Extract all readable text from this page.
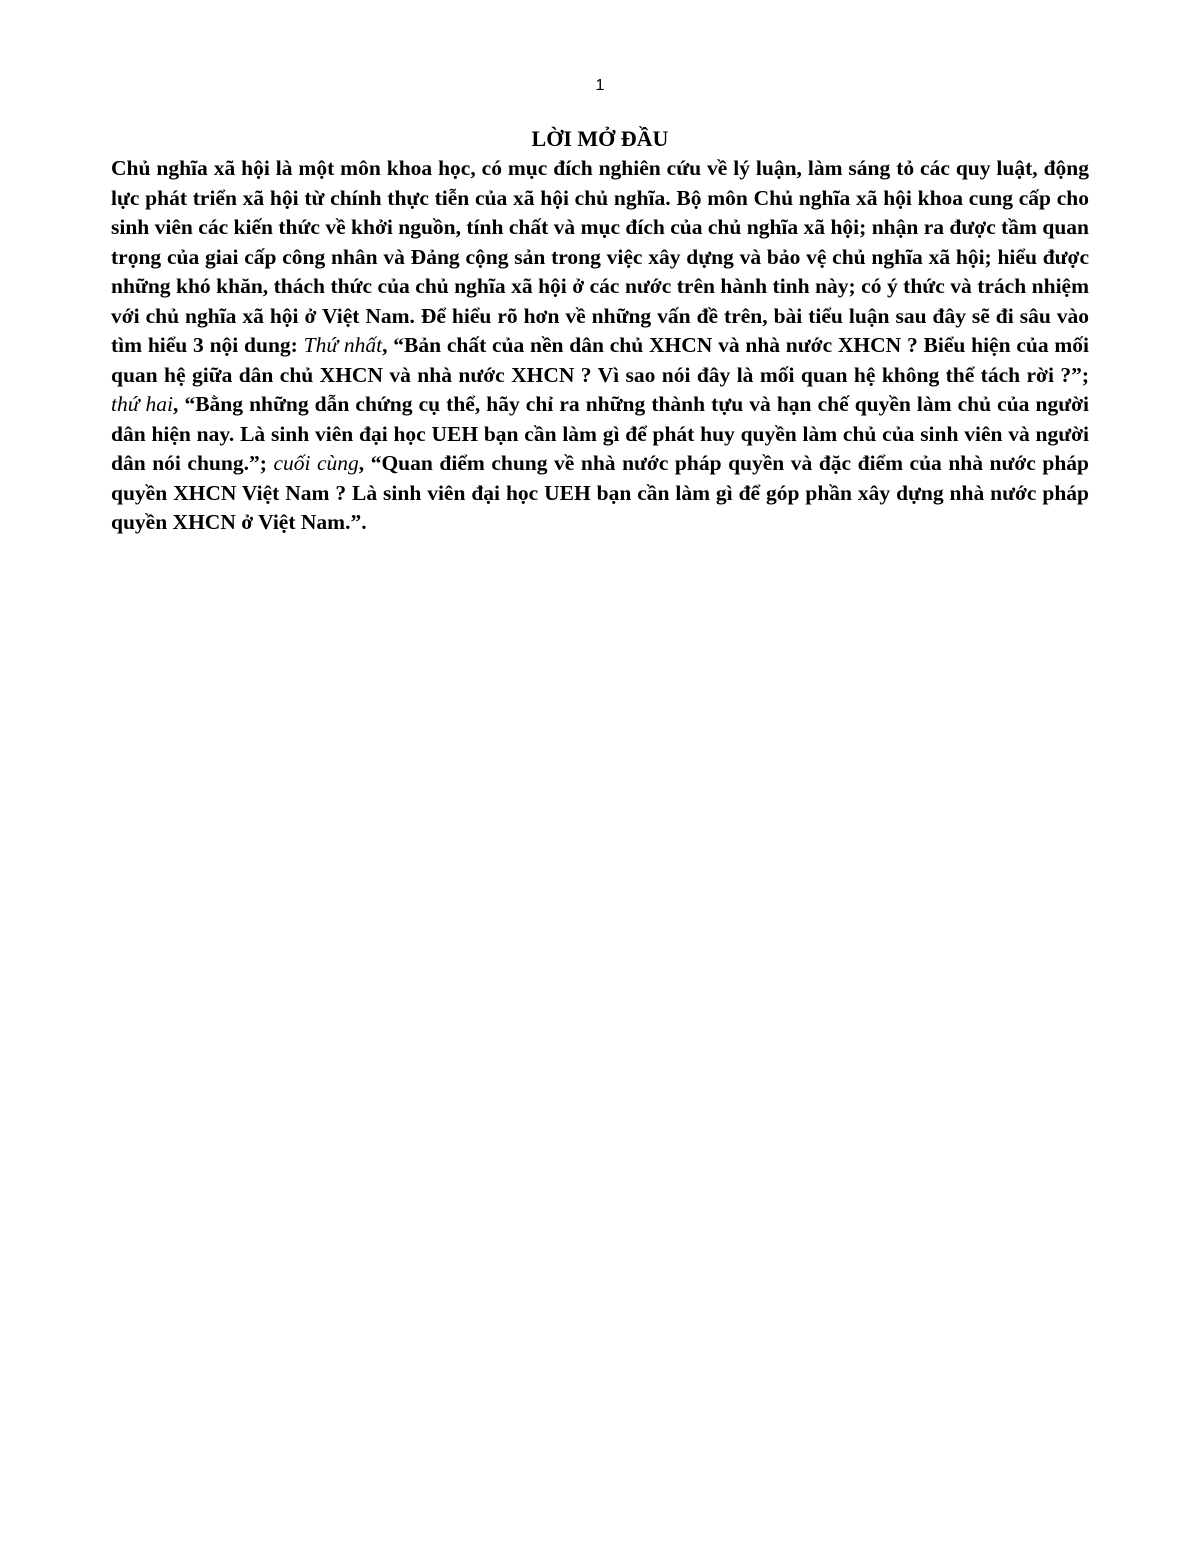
1
LỜI MỞ ĐẦU

Chủ nghĩa xã hội là một môn khoa học, có mục đích nghiên cứu về lý luận, làm sáng tỏ các quy luật, động lực phát triển xã hội từ chính thực tiễn của xã hội chủ nghĩa. Bộ môn Chủ nghĩa xã hội khoa cung cấp cho sinh viên các kiến thức về khởi nguồn, tính chất và mục đích của chủ nghĩa xã hội; nhận ra được tầm quan trọng của giai cấp công nhân và Đảng cộng sản trong việc xây dựng và bảo vệ chủ nghĩa xã hội; hiểu được những khó khăn, thách thức của chủ nghĩa xã hội ở các nước trên hành tinh này; có ý thức và trách nhiệm với chủ nghĩa xã hội ở Việt Nam. Để hiểu rõ hơn về những vấn đề trên, bài tiểu luận sau đây sẽ đi sâu vào tìm hiểu 3 nội dung: Thứ nhất, “Bản chất của nền dân chủ XHCN và nhà nước XHCN ? Biểu hiện của mối quan hệ giữa dân chủ XHCN và nhà nước XHCN ? Vì sao nói đây là mối quan hệ không thể tách rời ?”; thứ hai, “Bằng những dẫn chứng cụ thể, hãy chỉ ra những thành tựu và hạn chế quyền làm chủ của người dân hiện nay. Là sinh viên đại học UEH bạn cần làm gì để phát huy quyền làm chủ của sinh viên và người dân nói chung.”; cuối cùng, “Quan điểm chung về nhà nước pháp quyền và đặc điểm của nhà nước pháp quyền XHCN Việt Nam ? Là sinh viên đại học UEH bạn cần làm gì để góp phần xây dựng nhà nước pháp quyền XHCN ở Việt Nam.”.
